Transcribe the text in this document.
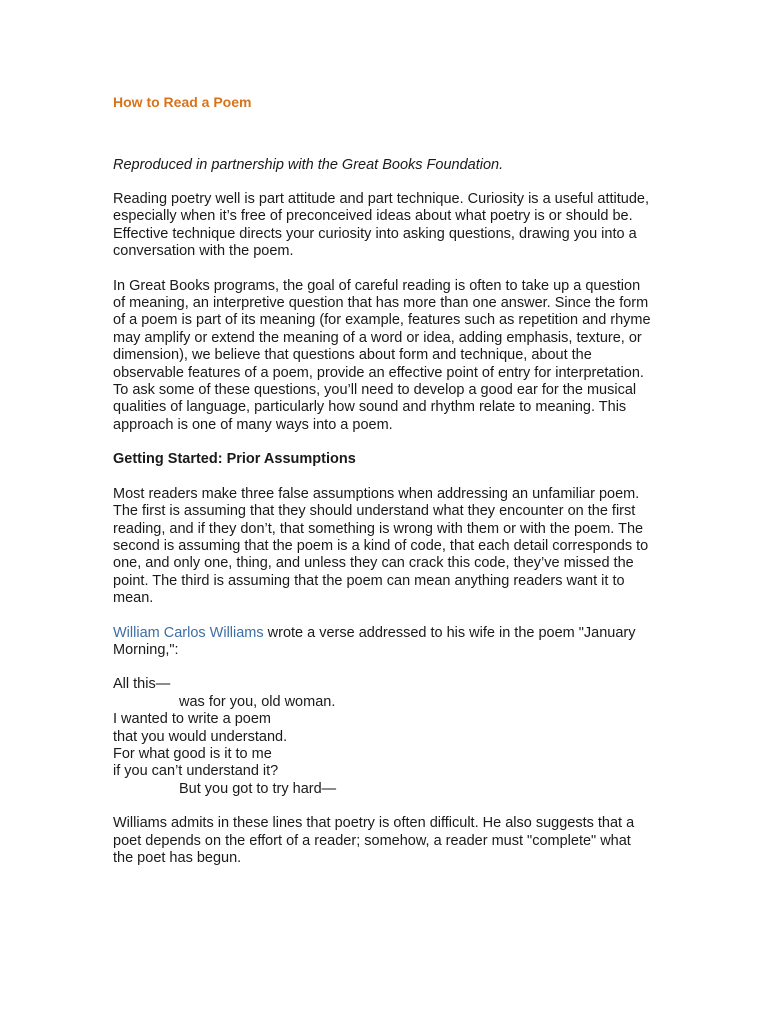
How to Read a Poem

Reproduced in partnership with the Great Books Foundation.

Reading poetry well is part attitude and part technique. Curiosity is a useful attitude, especially when it’s free of preconceived ideas about what poetry is or should be. Effective technique directs your curiosity into asking questions, drawing you into a conversation with the poem.

In Great Books programs, the goal of careful reading is often to take up a question of meaning, an interpretive question that has more than one answer. Since the form of a poem is part of its meaning (for example, features such as repetition and rhyme may amplify or extend the meaning of a word or idea, adding emphasis, texture, or dimension), we believe that questions about form and technique, about the observable features of a poem, provide an effective point of entry for interpretation. To ask some of these questions, you’ll need to develop a good ear for the musical qualities of language, particularly how sound and rhythm relate to meaning. This approach is one of many ways into a poem.

Getting Started: Prior Assumptions

Most readers make three false assumptions when addressing an unfamiliar poem. The first is assuming that they should understand what they encounter on the first reading, and if they don’t, that something is wrong with them or with the poem. The second is assuming that the poem is a kind of code, that each detail corresponds to one, and only one, thing, and unless they can crack this code, they’ve missed the point. The third is assuming that the poem can mean anything readers want it to mean.

William Carlos Williams wrote a verse addressed to his wife in the poem "January Morning,":

All this—
was for you, old woman.
I wanted to write a poem
that you would understand.
For what good is it to me
if you can’t understand it?
But you got to try hard—

Williams admits in these lines that poetry is often difficult. He also suggests that a poet depends on the effort of a reader; somehow, a reader must "complete" what the poet has begun.
